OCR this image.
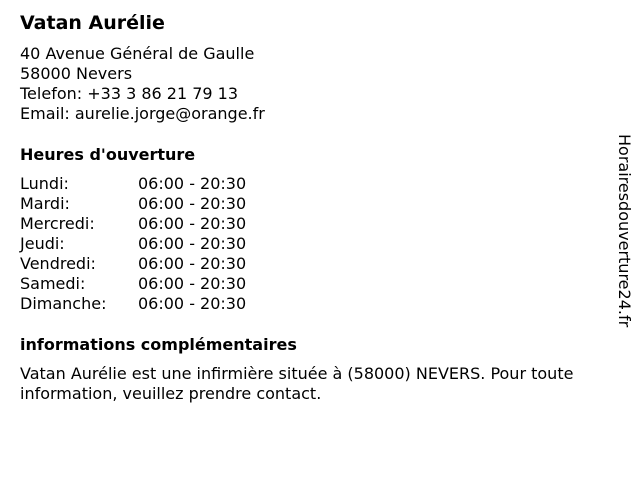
Vatan Aurélie
40 Avenue Général de Gaulle
58000 Nevers
Telefon: +33 3 86 21 79 13
Email: aurelie.jorge@orange.fr
Heures d'ouverture
Lundi:	06:00 - 20:30
Mardi:	06:00 - 20:30
Mercredi:	06:00 - 20:30
Jeudi:	06:00 - 20:30
Vendredi:	06:00 - 20:30
Samedi:	06:00 - 20:30
Dimanche: 06:00 - 20:30
informations complémentaires
Vatan Aurélie est une infirmière située à (58000) NEVERS. Pour toute information, veuillez prendre contact.
Horairesdouverture24.fr
